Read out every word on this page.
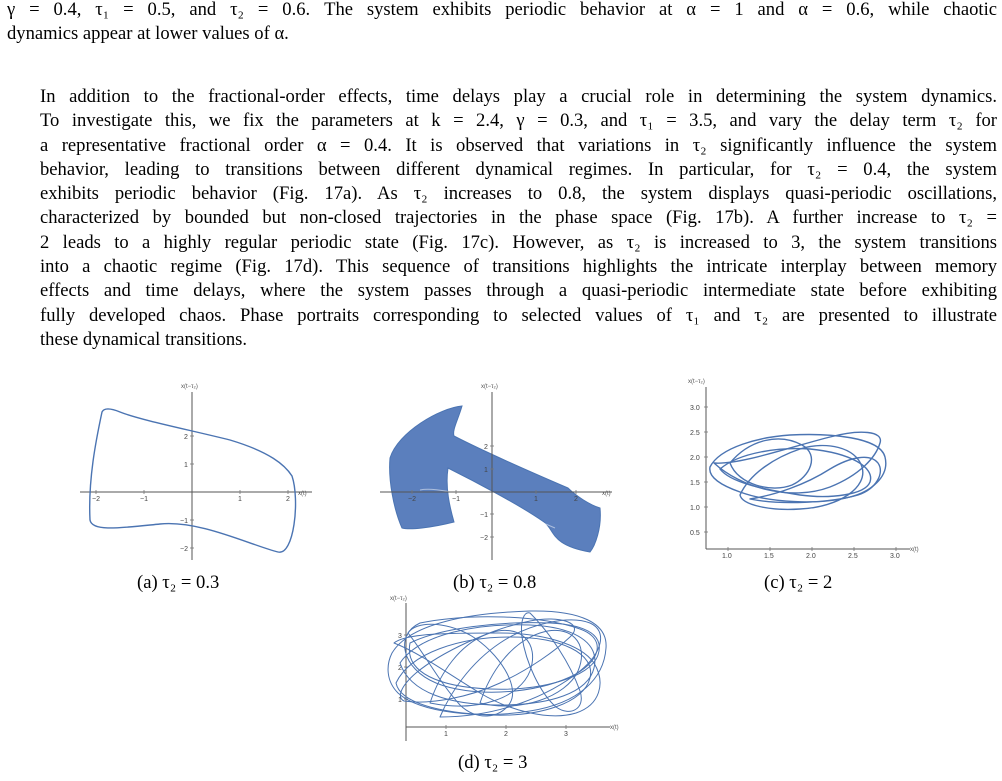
γ = 0.4, τ₁ = 0.5, and τ₂ = 0.6. The system exhibits periodic behavior at α = 1 and α = 0.6, while chaotic
dynamics appear at lower values of α.
In addition to the fractional-order effects, time delays play a crucial role in determining the system dynamics.
To investigate this, we fix the parameters at k = 2.4, γ = 0.3, and τ₁ = 3.5, and vary the delay term τ₂ for
a representative fractional order α = 0.4. It is observed that variations in τ₂ significantly influence the system
behavior, leading to transitions between different dynamical regimes. In particular, for τ₂ = 0.4, the system
exhibits periodic behavior (Fig. 17a). As τ₂ increases to 0.8, the system displays quasi-periodic oscillations,
characterized by bounded but non-closed trajectories in the phase space (Fig. 17b). A further increase to τ₂ =
2 leads to a highly regular periodic state (Fig. 17c). However, as τ₂ is increased to 3, the system transitions
into a chaotic regime (Fig. 17d). This sequence of transitions highlights the intricate interplay between memory
effects and time delays, where the system passes through a quasi-periodic intermediate state before exhibiting
fully developed chaos. Phase portraits corresponding to selected values of τ₁ and τ₂ are presented to illustrate
these dynamical transitions.
−2	−1	1	2
2
1
−1
−2
x(t)
x(t−τ₂)
(a) τ₂ = 0.3
−2	−1	1	2
2
1
−1
−2
x(t)
x(t−τ₂)
(b) τ₂ = 0.8
1.0	1.5	2.0	2.5	3.0
3.0
2.5
2.0
1.5
1.0
0.5
x(t)
x(t−τ₂)
(c) τ₂ = 2
1	2	3
3
2
1
x(t)
x(t−τ₂)
(d) τ₂ = 3
